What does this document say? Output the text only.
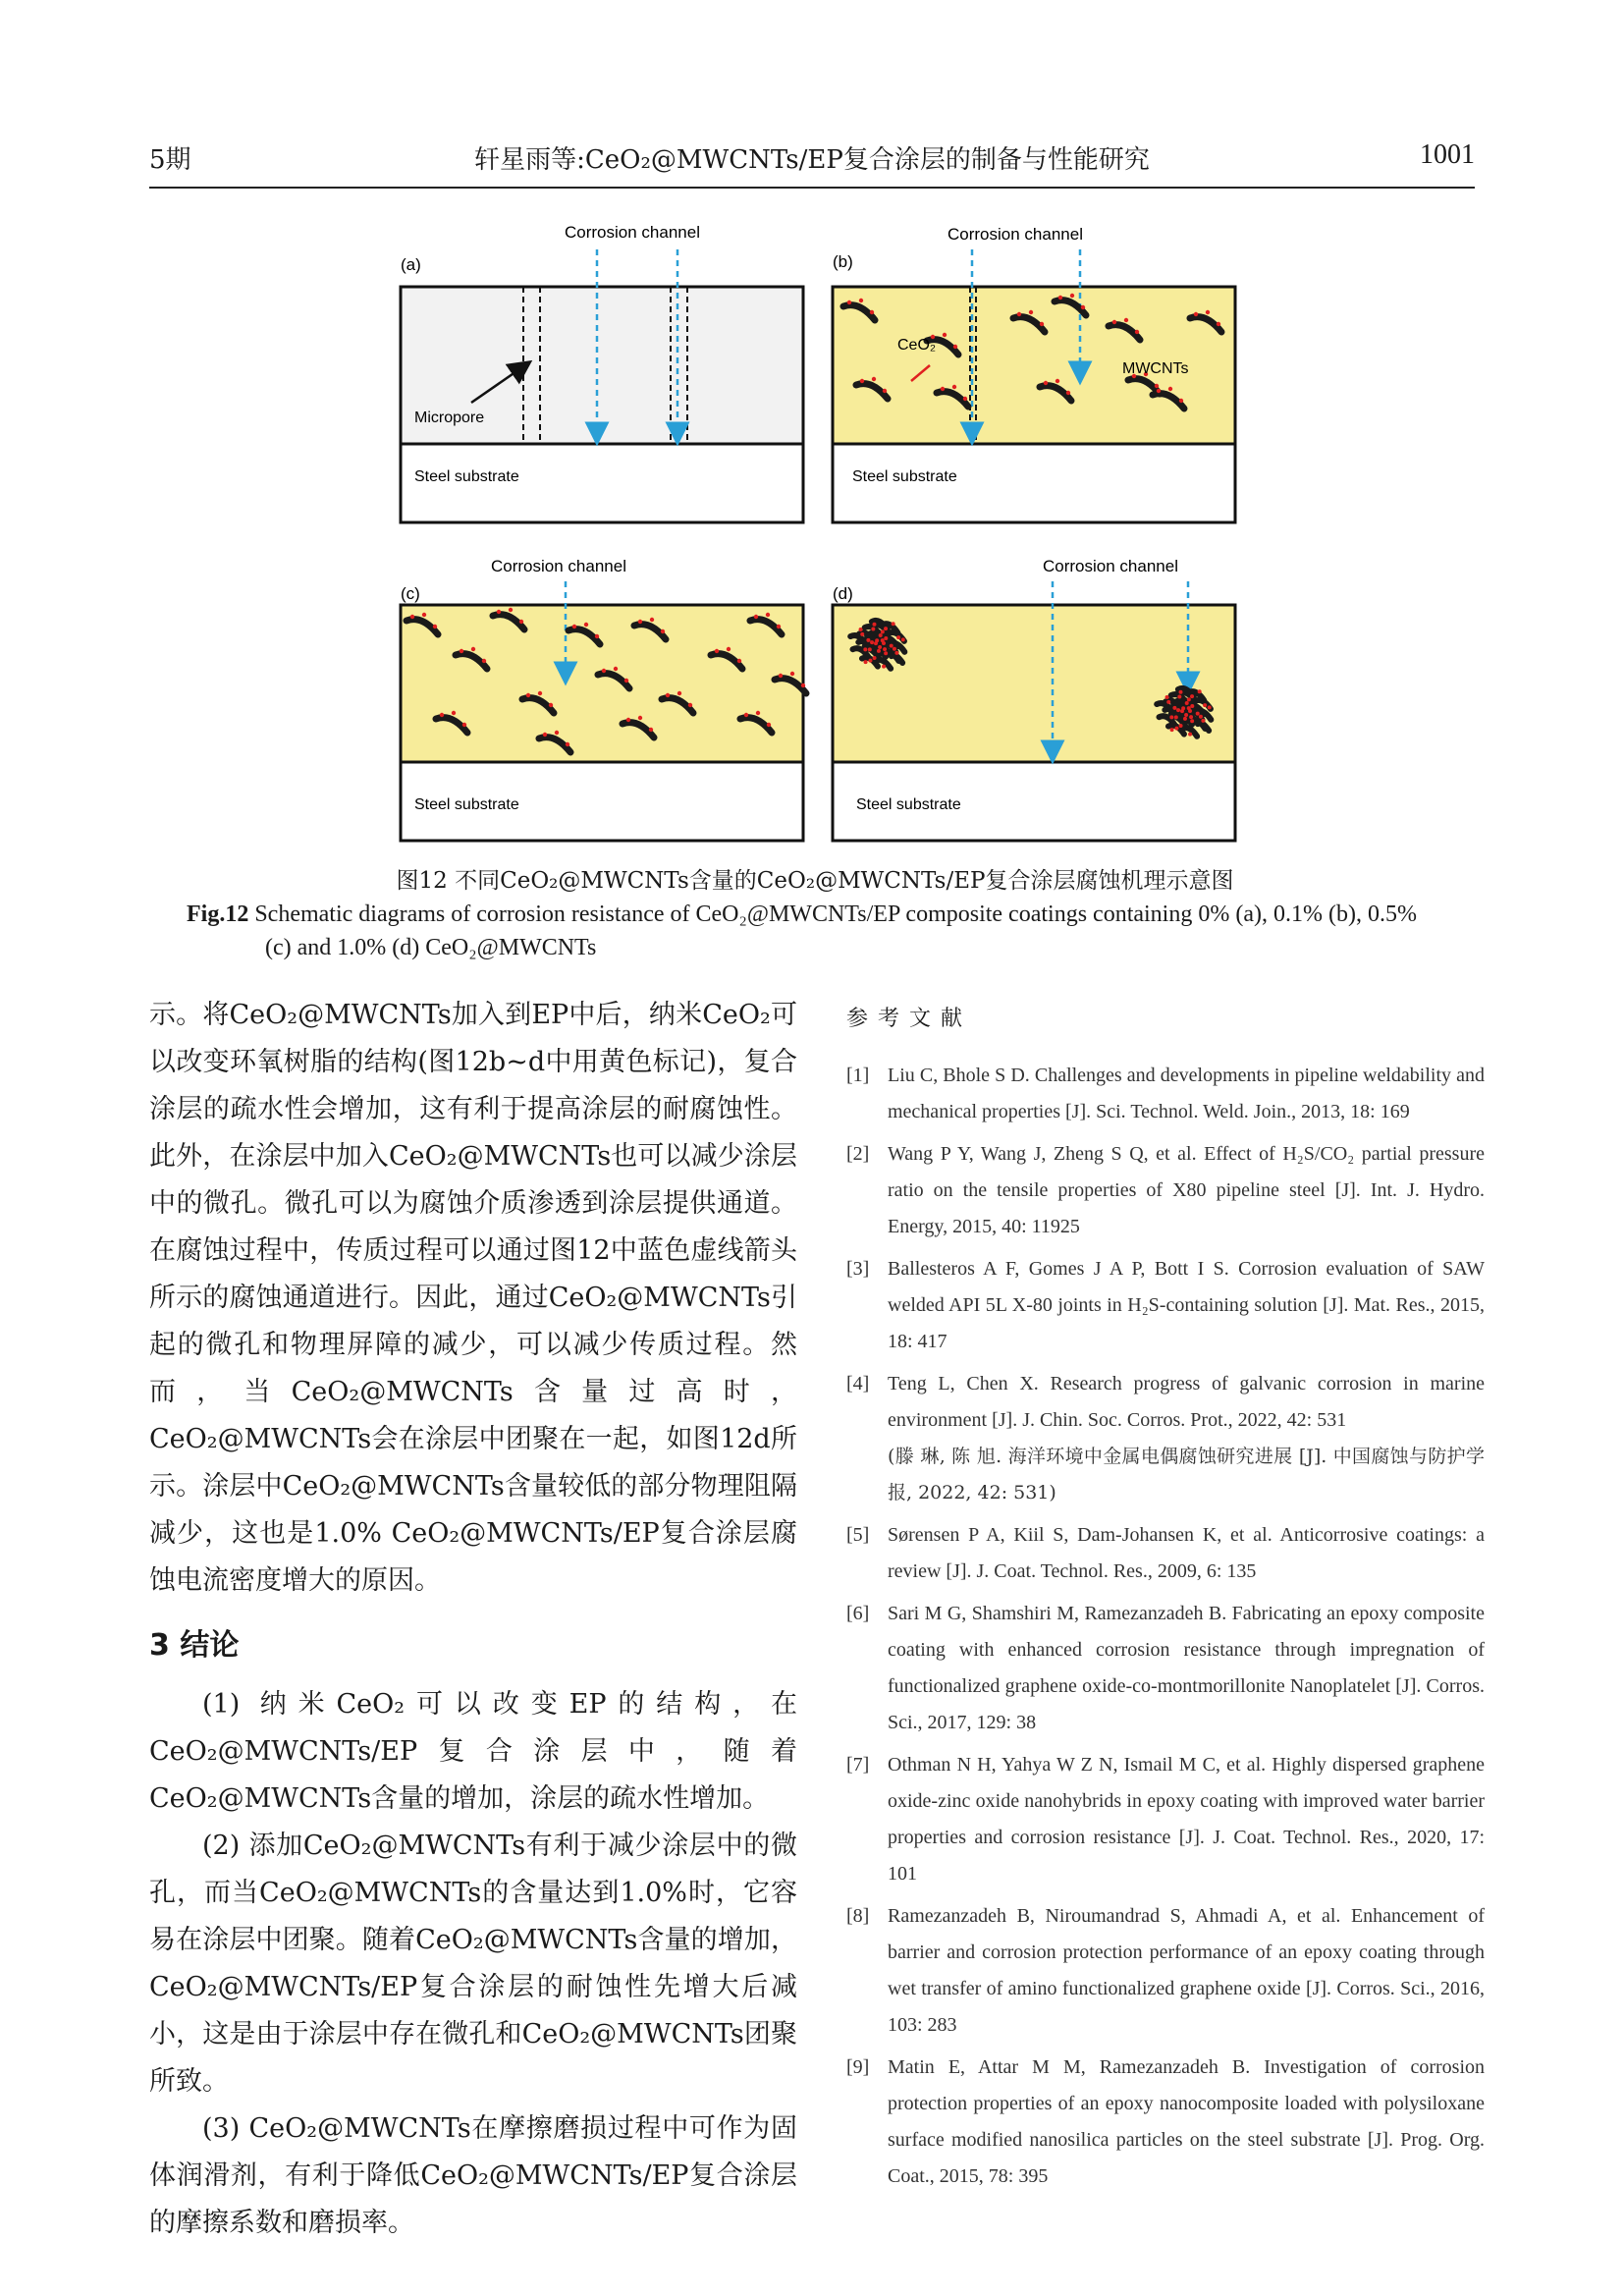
5期	轩星雨等:CeO₂@MWCNTs/EP复合涂层的制备与性能研究	1001
(a)
Corrosion channel
Micropore
Steel substrate
(b)
Corrosion channel
CeO₂
MWCNTs
Steel substrate
(c)
Corrosion channel
Steel substrate
(d)
Corrosion channel
Steel substrate
图12 不同CeO₂@MWCNTs含量的CeO₂@MWCNTs/EP复合涂层腐蚀机理示意图
Fig.12 Schematic diagrams of corrosion resistance of CeO₂@MWCNTs/EP composite coatings containing 0% (a), 0.1% (b), 0.5% (c) and 1.0% (d) CeO₂@MWCNTs

示。将CeO₂@MWCNTs加入到EP中后，纳米CeO₂可以改变环氧树脂的结构(图12b~d中用黄色标记)，复合涂层的疏水性会增加，这有利于提高涂层的耐腐蚀性。此外，在涂层中加入CeO₂@MWCNTs也可以减少涂层中的微孔。微孔可以为腐蚀介质渗透到涂层提供通道。在腐蚀过程中，传质过程可以通过图12中蓝色虚线箭头所示的腐蚀通道进行。因此，通过CeO₂@MWCNTs引起的微孔和物理屏障的减少，可以减少传质过程。然而，当CeO₂@MWCNTs含量过高时，CeO₂@MWCNTs会在涂层中团聚在一起，如图12d所示。涂层中CeO₂@MWCNTs含量较低的部分物理阻隔减少，这也是1.0% CeO₂@MWCNTs/EP复合涂层腐蚀电流密度增大的原因。

3 结论

(1) 纳米CeO₂可以改变EP的结构，在CeO₂@MWCNTs/EP复合涂层中，随着CeO₂@MWCNTs含量的增加，涂层的疏水性增加。

(2) 添加CeO₂@MWCNTs有利于减少涂层中的微孔，而当CeO₂@MWCNTs的含量达到1.0%时，它容易在涂层中团聚。随着CeO₂@MWCNTs含量的增加，CeO₂@MWCNTs/EP复合涂层的耐蚀性先增大后减小，这是由于涂层中存在微孔和CeO₂@MWCNTs团聚所致。

(3) CeO₂@MWCNTs在摩擦磨损过程中可作为固体润滑剂，有利于降低CeO₂@MWCNTs/EP复合涂层的摩擦系数和磨损率。

参考文献
[1] Liu C, Bhole S D. Challenges and developments in pipeline weldability and mechanical properties [J]. Sci. Technol. Weld. Join., 2013, 18: 169
[2] Wang P Y, Wang J, Zheng S Q, et al. Effect of H₂S/CO₂ partial pressure ratio on the tensile properties of X80 pipeline steel [J]. Int. J. Hydro. Energy, 2015, 40: 11925
[3] Ballesteros A F, Gomes J A P, Bott I S. Corrosion evaluation of SAW welded API 5L X-80 joints in H₂S-containing solution [J]. Mat. Res., 2015, 18: 417
[4] Teng L, Chen X. Research progress of galvanic corrosion in marine environment [J]. J. Chin. Soc. Corros. Prot., 2022, 42: 531
(滕 琳, 陈 旭. 海洋环境中金属电偶腐蚀研究进展 [J]. 中国腐蚀与防护学报, 2022, 42: 531)
[5] Sørensen P A, Kiil S, Dam-Johansen K, et al. Anticorrosive coatings: a review [J]. J. Coat. Technol. Res., 2009, 6: 135
[6] Sari M G, Shamshiri M, Ramezanzadeh B. Fabricating an epoxy composite coating with enhanced corrosion resistance through impregnation of functionalized graphene oxide-co-montmorillonite Nanoplatelet [J]. Corros. Sci., 2017, 129: 38
[7] Othman N H, Yahya W Z N, Ismail M C, et al. Highly dispersed graphene oxide-zinc oxide nanohybrids in epoxy coating with improved water barrier properties and corrosion resistance [J]. J. Coat. Technol. Res., 2020, 17: 101
[8] Ramezanzadeh B, Niroumandrad S, Ahmadi A, et al. Enhancement of barrier and corrosion protection performance of an epoxy coating through wet transfer of amino functionalized graphene oxide [J]. Corros. Sci., 2016, 103: 283
[9] Matin E, Attar M M, Ramezanzadeh B. Investigation of corrosion protection properties of an epoxy nanocomposite loaded with polysiloxane surface modified nanosilica particles on the steel substrate [J]. Prog. Org. Coat., 2015, 78: 395
